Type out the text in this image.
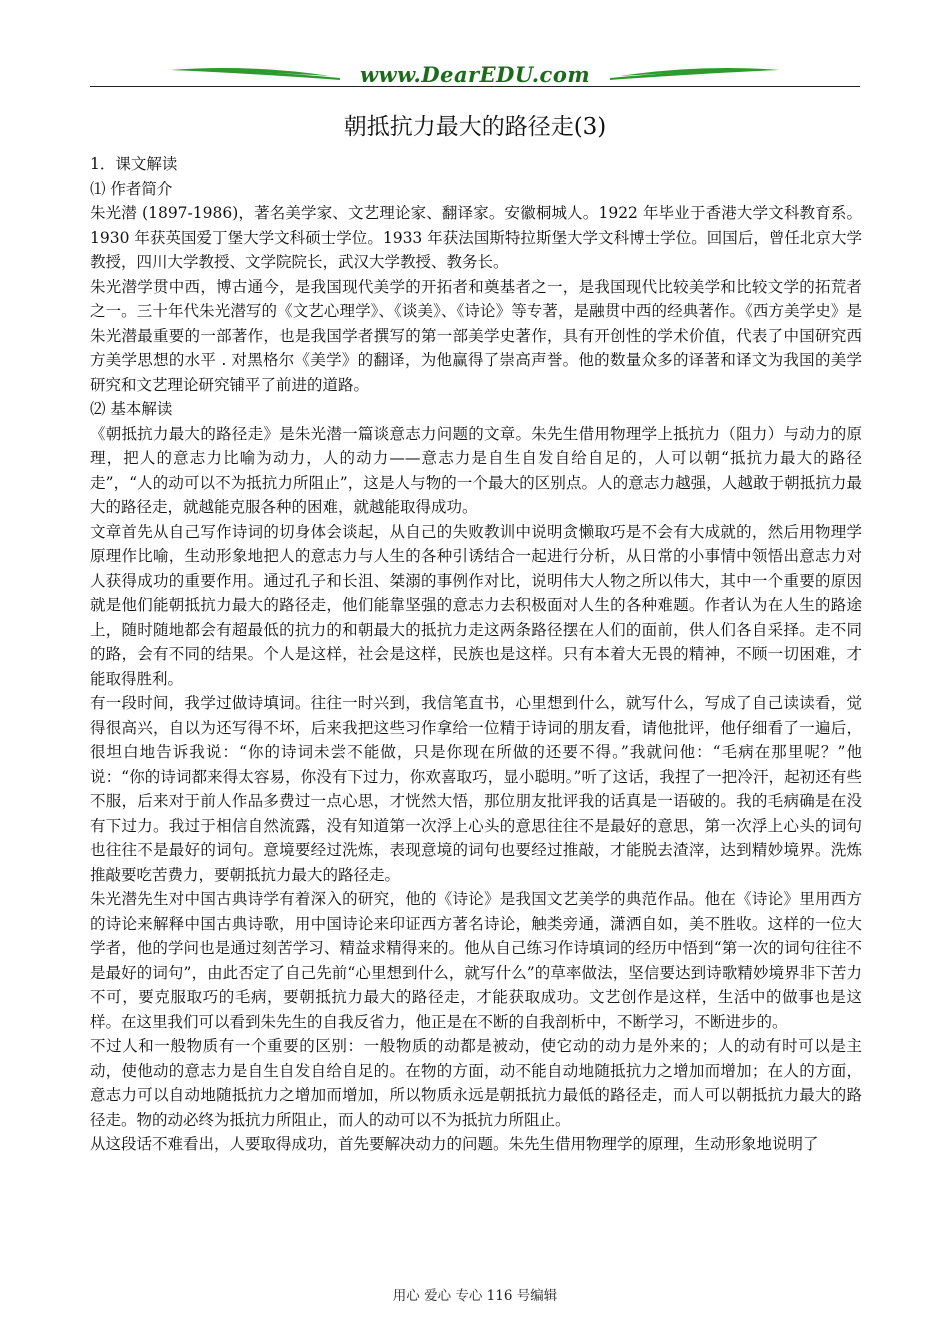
www.DearEDU.com
朝抵抗力最大的路径走(3)

1．课文解读

⑴ 作者简介

朱光潜 (1897-1986)，著名美学家、文艺理论家、翻译家。安徽桐城人。1922 年毕业于香港大学文科教育系。1930 年获英国爱丁堡大学文科硕士学位。1933 年获法国斯特拉斯堡大学文科博士学位。回国后，曾任北京大学教授，四川大学教授、文学院院长，武汉大学教授、教务长。

朱光潜学贯中西，博古通今，是我国现代美学的开拓者和奠基者之一，是我国现代比较美学和比较文学的拓荒者之一。三十年代朱光潜写的《文艺心理学》、《谈美》、《诗论》等专著，是融贯中西的经典著作。《西方美学史》是朱光潜最重要的一部著作，也是我国学者撰写的第一部美学史著作，具有开创性的学术价值，代表了中国研究西方美学思想的水平 . 对黑格尔《美学》的翻译，为他赢得了崇高声誉。他的数量众多的译著和译文为我国的美学研究和文艺理论研究铺平了前进的道路。

⑵ 基本解读

《朝抵抗力最大的路径走》是朱光潜一篇谈意志力问题的文章。朱先生借用物理学上抵抗力（阻力）与动力的原理，把人的意志力比喻为动力，人的动力——意志力是自生自发自给自足的，人可以朝“抵抗力最大的路径走”，“人的动可以不为抵抗力所阻止”，这是人与物的一个最大的区别点。人的意志力越强，人越敢于朝抵抗力最大的路径走，就越能克服各种的困难，就越能取得成功。

文章首先从自己写作诗词的切身体会谈起，从自己的失败教训中说明贪懒取巧是不会有大成就的，然后用物理学原理作比喻，生动形象地把人的意志力与人生的各种引诱结合一起进行分析，从日常的小事情中领悟出意志力对人获得成功的重要作用。通过孔子和长沮、桀溺的事例作对比，说明伟大人物之所以伟大，其中一个重要的原因就是他们能朝抵抗力最大的路径走，他们能靠坚强的意志力去积极面对人生的各种难题。作者认为在人生的路途上，随时随地都会有超最低的抗力的和朝最大的抵抗力走这两条路径摆在人们的面前，供人们各自采择。走不同的路，会有不同的结果。个人是这样，社会是这样，民族也是这样。只有本着大无畏的精神，不顾一切困难，才能取得胜利。

有一段时间，我学过做诗填词。往往一时兴到，我信笔直书，心里想到什么，就写什么，写成了自己读读看，觉得很高兴，自以为还写得不坏，后来我把这些习作拿给一位精于诗词的朋友看，请他批评，他仔细看了一遍后，很坦白地告诉我说：“你的诗词未尝不能做，只是你现在所做的还要不得。”我就问他：“毛病在那里呢？”他说：“你的诗词都来得太容易，你没有下过力，你欢喜取巧，显小聪明。”听了这话，我捏了一把冷汗，起初还有些不服，后来对于前人作品多费过一点心思，才恍然大悟，那位朋友批评我的话真是一语破的。我的毛病确是在没有下过力。我过于相信自然流露，没有知道第一次浮上心头的意思往往不是最好的意思，第一次浮上心头的词句也往往不是最好的词句。意境要经过洗炼，表现意境的词句也要经过推敲，才能脱去渣滓，达到精妙境界。洗炼推敲要吃苦费力，要朝抵抗力最大的路径走。

朱光潜先生对中国古典诗学有着深入的研究，他的《诗论》是我国文艺美学的典范作品。他在《诗论》里用西方的诗论来解释中国古典诗歌，用中国诗论来印证西方著名诗论，触类旁通，潇洒自如，美不胜收。这样的一位大学者，他的学问也是通过刻苦学习、精益求精得来的。他从自己练习作诗填词的经历中悟到“第一次的词句往往不是最好的词句”，由此否定了自己先前“心里想到什么，就写什么”的草率做法，坚信要达到诗歌精妙境界非下苦力不可，要克服取巧的毛病，要朝抵抗力最大的路径走，才能获取成功。文艺创作是这样，生活中的做事也是这样。在这里我们可以看到朱先生的自我反省力，他正是在不断的自我剖析中，不断学习，不断进步的。

不过人和一般物质有一个重要的区别：一般物质的动都是被动，使它动的动力是外来的；人的动有时可以是主动，使他动的意志力是自生自发自给自足的。在物的方面，动不能自动地随抵抗力之增加而增加；在人的方面，意志力可以自动地随抵抗力之增加而增加，所以物质永远是朝抵抗力最低的路径走，而人可以朝抵抗力最大的路径走。物的动必终为抵抗力所阻止，而人的动可以不为抵抗力所阻止。

从这段话不难看出，人要取得成功，首先要解决动力的问题。朱先生借用物理学的原理，生动形象地说明了

用心 爱心 专心 116 号编辑
